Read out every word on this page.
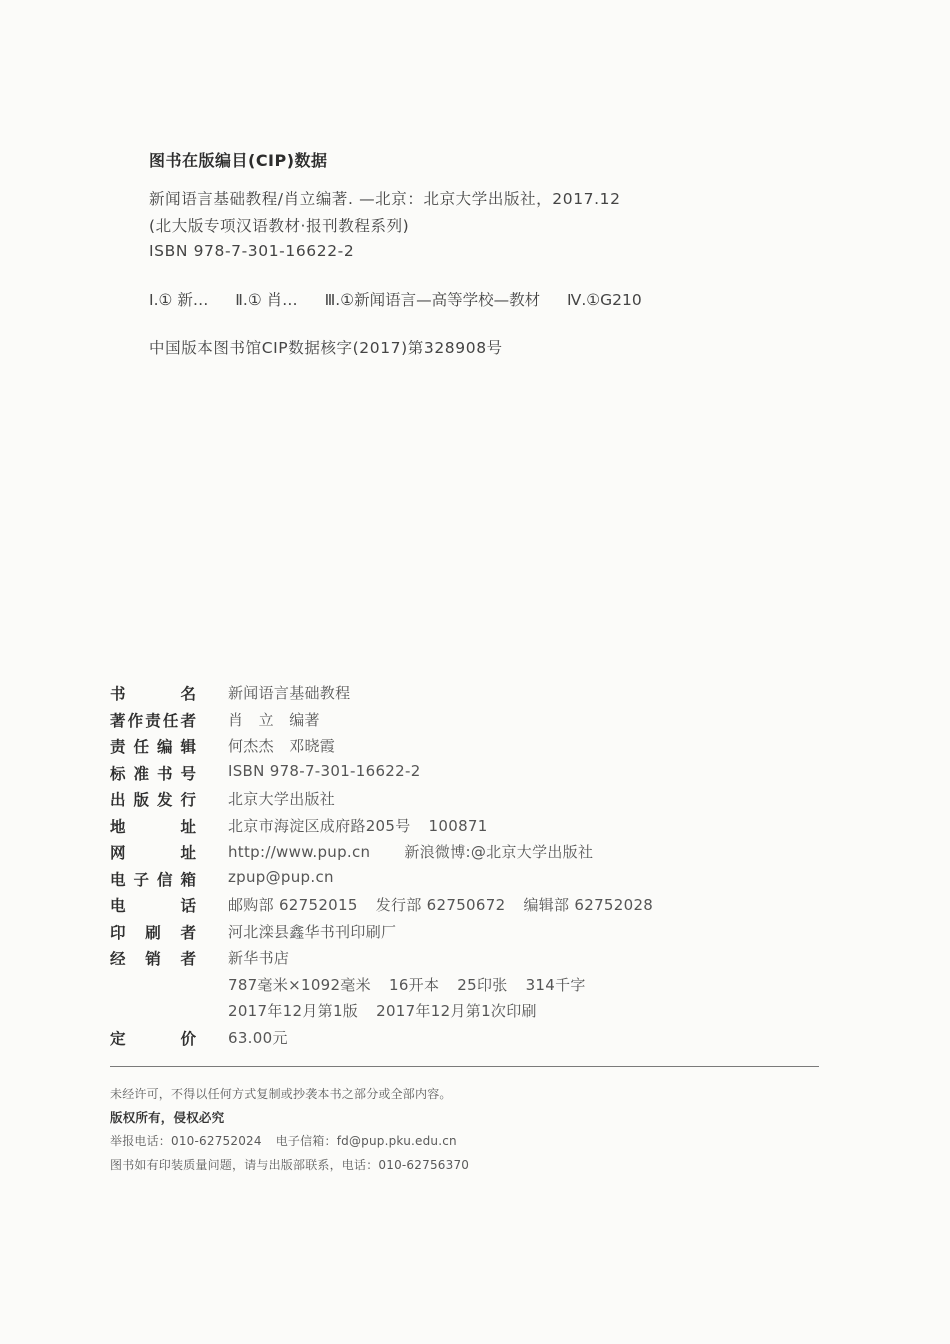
图书在版编目(CIP)数据
新闻语言基础教程/肖立编著. —北京：北京大学出版社，2017.12
(北大版专项汉语教材·报刊教程系列)
ISBN 978-7-301-16622-2
Ⅰ.① 新… Ⅱ.① 肖… Ⅲ.①新闻语言—高等学校—教材 Ⅳ.①G210
中国版本图书馆CIP数据核字(2017)第328908号
书名 新闻语言基础教程
著作责任者 肖　立　编著
责任编辑 何杰杰　邓晓霞
标准书号 ISBN 978-7-301-16622-2
出版发行 北京大学出版社
地址 北京市海淀区成府路205号 100871
网址 http://www.pup.cn 新浪微博:@北京大学出版社
电子信箱 zpup@pup.cn
电话 邮购部 62752015 发行部 62750672 编辑部 62752028
印刷者 河北滦县鑫华书刊印刷厂
经销者 新华书店
787毫米×1092毫米 16开本 25印张 314千字
2017年12月第1版 2017年12月第1次印刷
定价 63.00元
未经许可，不得以任何方式复制或抄袭本书之部分或全部内容。
版权所有，侵权必究
举报电话：010-62752024 电子信箱：fd@pup.pku.edu.cn
图书如有印装质量问题，请与出版部联系，电话：010-62756370
